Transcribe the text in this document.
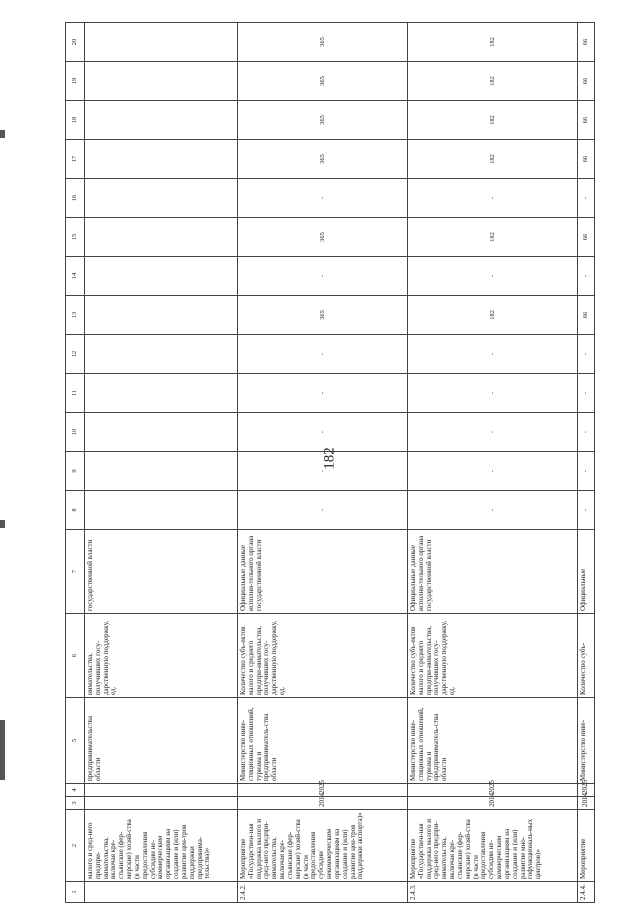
182
1	2	3	4	5	6	7	8	9	10	11	12	13	14	15	16	17	18	19	20
	малого и сред-него предпри-нимательства, включая кре-стьянские (фер-мерские) хозяй-ства (в части предоставления субсидии не-коммерческим организациям на создание и (или) развитие цен-тров поддержки предпринима-тельства)»			предпринимательства области	нимательства, получивших госу-дарственную поддержку, ед.	государственной власти													
2.4.2.	Мероприятие «Государствен-ная поддержка малого и сред-него предпри-нимательства, включая кре-стьянские (фер-мерские) хозяй-ства (в части предоставления субсидии некоммерческим организациям на создание и (или) развитие цен-тров поддержки экспорта)»	2014	2025	Министерство инве-стиционных отношений, туризма и предприниматель-ства области	Количество субъ-ектов малого и среднего предпри-нимательства, получивших госу-дарственную поддержку, ед.	Официальные данные исполни-тельного органа государственной власти	-	-	-	-	-	365	-	365	-	365	365	365	365
2.4.3.	Мероприятие «Государствен-ная поддержка малого и сред-него предпри-нимательства, включая кре-стьянские (фер-мерские) хозяй-ства (в части предоставления субсидии не-коммерческим организациям на создание и (или) развитие мно-гофункциональ-ных центров)»	2014	2025	Министерство инве-стиционных отношений, туризма и предприниматель-ства области	Количество субъ-ектов малого и среднего предпри-нимательства, получивших госу-дарственную поддержку, ед.	Официальные данные исполни-тельного органа государственной власти	-	-	-	-	-	182	-	182	-	182	182	182	182
2.4.4.	Мероприятие	2014	2025	Министерство инве-	Количество субъ-	Официальные	-	-	-	-	-	66	-	66	-	66	66	66	66
